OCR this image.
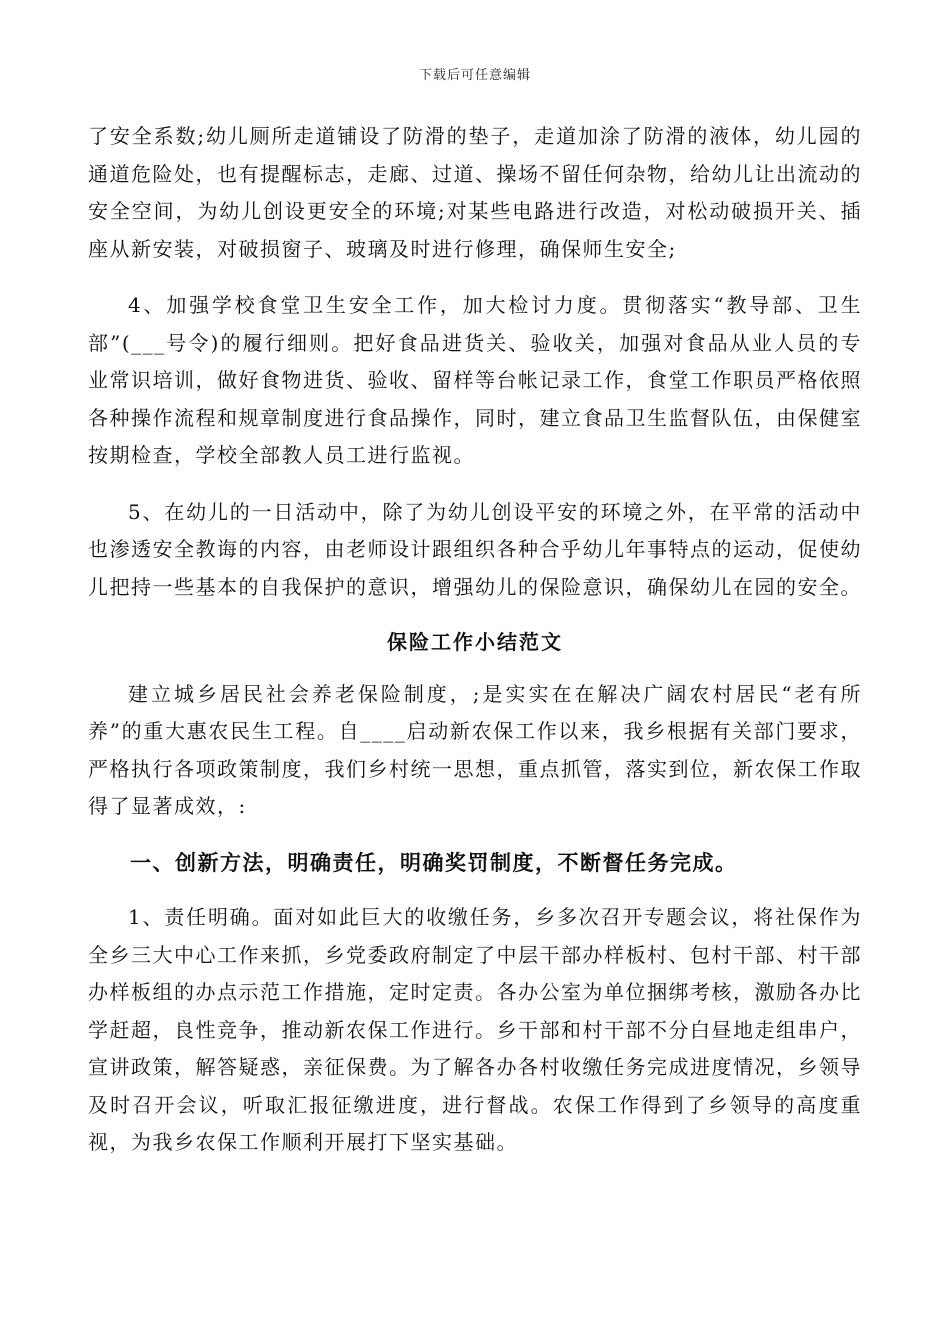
下载后可任意编辑

了安全系数;幼儿厕所走道铺设了防滑的垫子，走道加涂了防滑的液体，幼儿园的通道危险处，也有提醒标志，走廊、过道、操场不留任何杂物，给幼儿让出流动的安全空间，为幼儿创设更安全的环境;对某些电路进行改造，对松动破损开关、插座从新安装，对破损窗子、玻璃及时进行修理，确保师生安全;

4、加强学校食堂卫生安全工作，加大检讨力度。贯彻落实“教导部、卫生部”(___号令)的履行细则。把好食品进货关、验收关，加强对食品从业人员的专业常识培训，做好食物进货、验收、留样等台帐记录工作，食堂工作职员严格依照各种操作流程和规章制度进行食品操作，同时，建立食品卫生监督队伍，由保健室按期检查，学校全部教人员工进行监视。

5、在幼儿的一日活动中，除了为幼儿创设平安的环境之外，在平常的活动中也渗透安全教诲的内容，由老师设计跟组织各种合乎幼儿年事特点的运动，促使幼儿把持一些基本的自我保护的意识，增强幼儿的保险意识，确保幼儿在园的安全。

保险工作小结范文

建立城乡居民社会养老保险制度，;是实实在在解决广阔农村居民“老有所养”的重大惠农民生工程。自____启动新农保工作以来，我乡根据有关部门要求，严格执行各项政策制度，我们乡村统一思想，重点抓管，落实到位，新农保工作取得了显著成效，:

一、创新方法，明确责任，明确奖罚制度，不断督任务完成。

1、责任明确。面对如此巨大的收缴任务，乡多次召开专题会议，将社保作为全乡三大中心工作来抓，乡党委政府制定了中层干部办样板村、包村干部、村干部办样板组的办点示范工作措施，定时定责。各办公室为单位捆绑考核，激励各办比学赶超，良性竞争，推动新农保工作进行。乡干部和村干部不分白昼地走组串户，宣讲政策，解答疑惑，亲征保费。为了解各办各村收缴任务完成进度情况，乡领导及时召开会议，听取汇报征缴进度，进行督战。农保工作得到了乡领导的高度重视，为我乡农保工作顺利开展打下坚实基础。
